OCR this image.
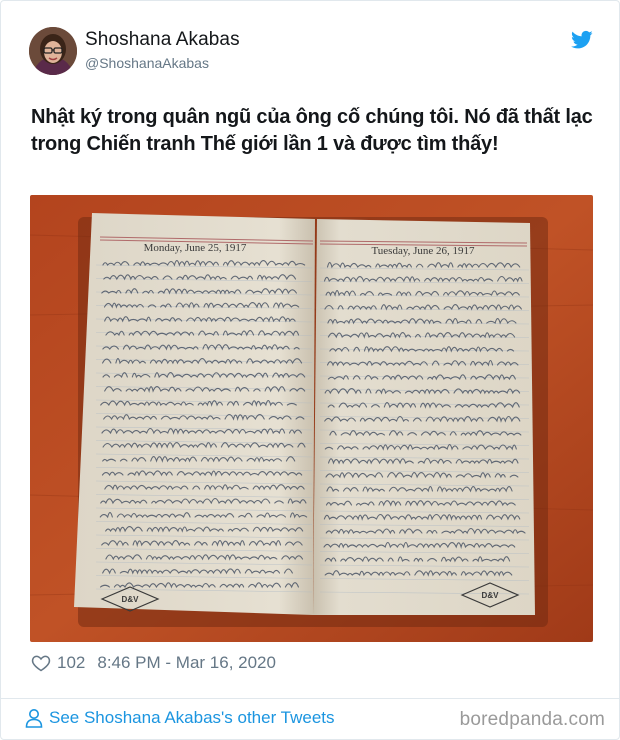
Shoshana Akabas
@ShoshanaAkabas
Nhật ký trong quân ngũ của ông cố chúng tôi. Nó đã thất lạc trong Chiến tranh Thế giới lần 1 và được tìm thấy!
Monday, June 25, 1917	Tuesday, June 26, 1917
D&V	D&V
102 8:46 PM - Mar 16, 2020
See Shoshana Akabas's other Tweets	boredpanda.com
